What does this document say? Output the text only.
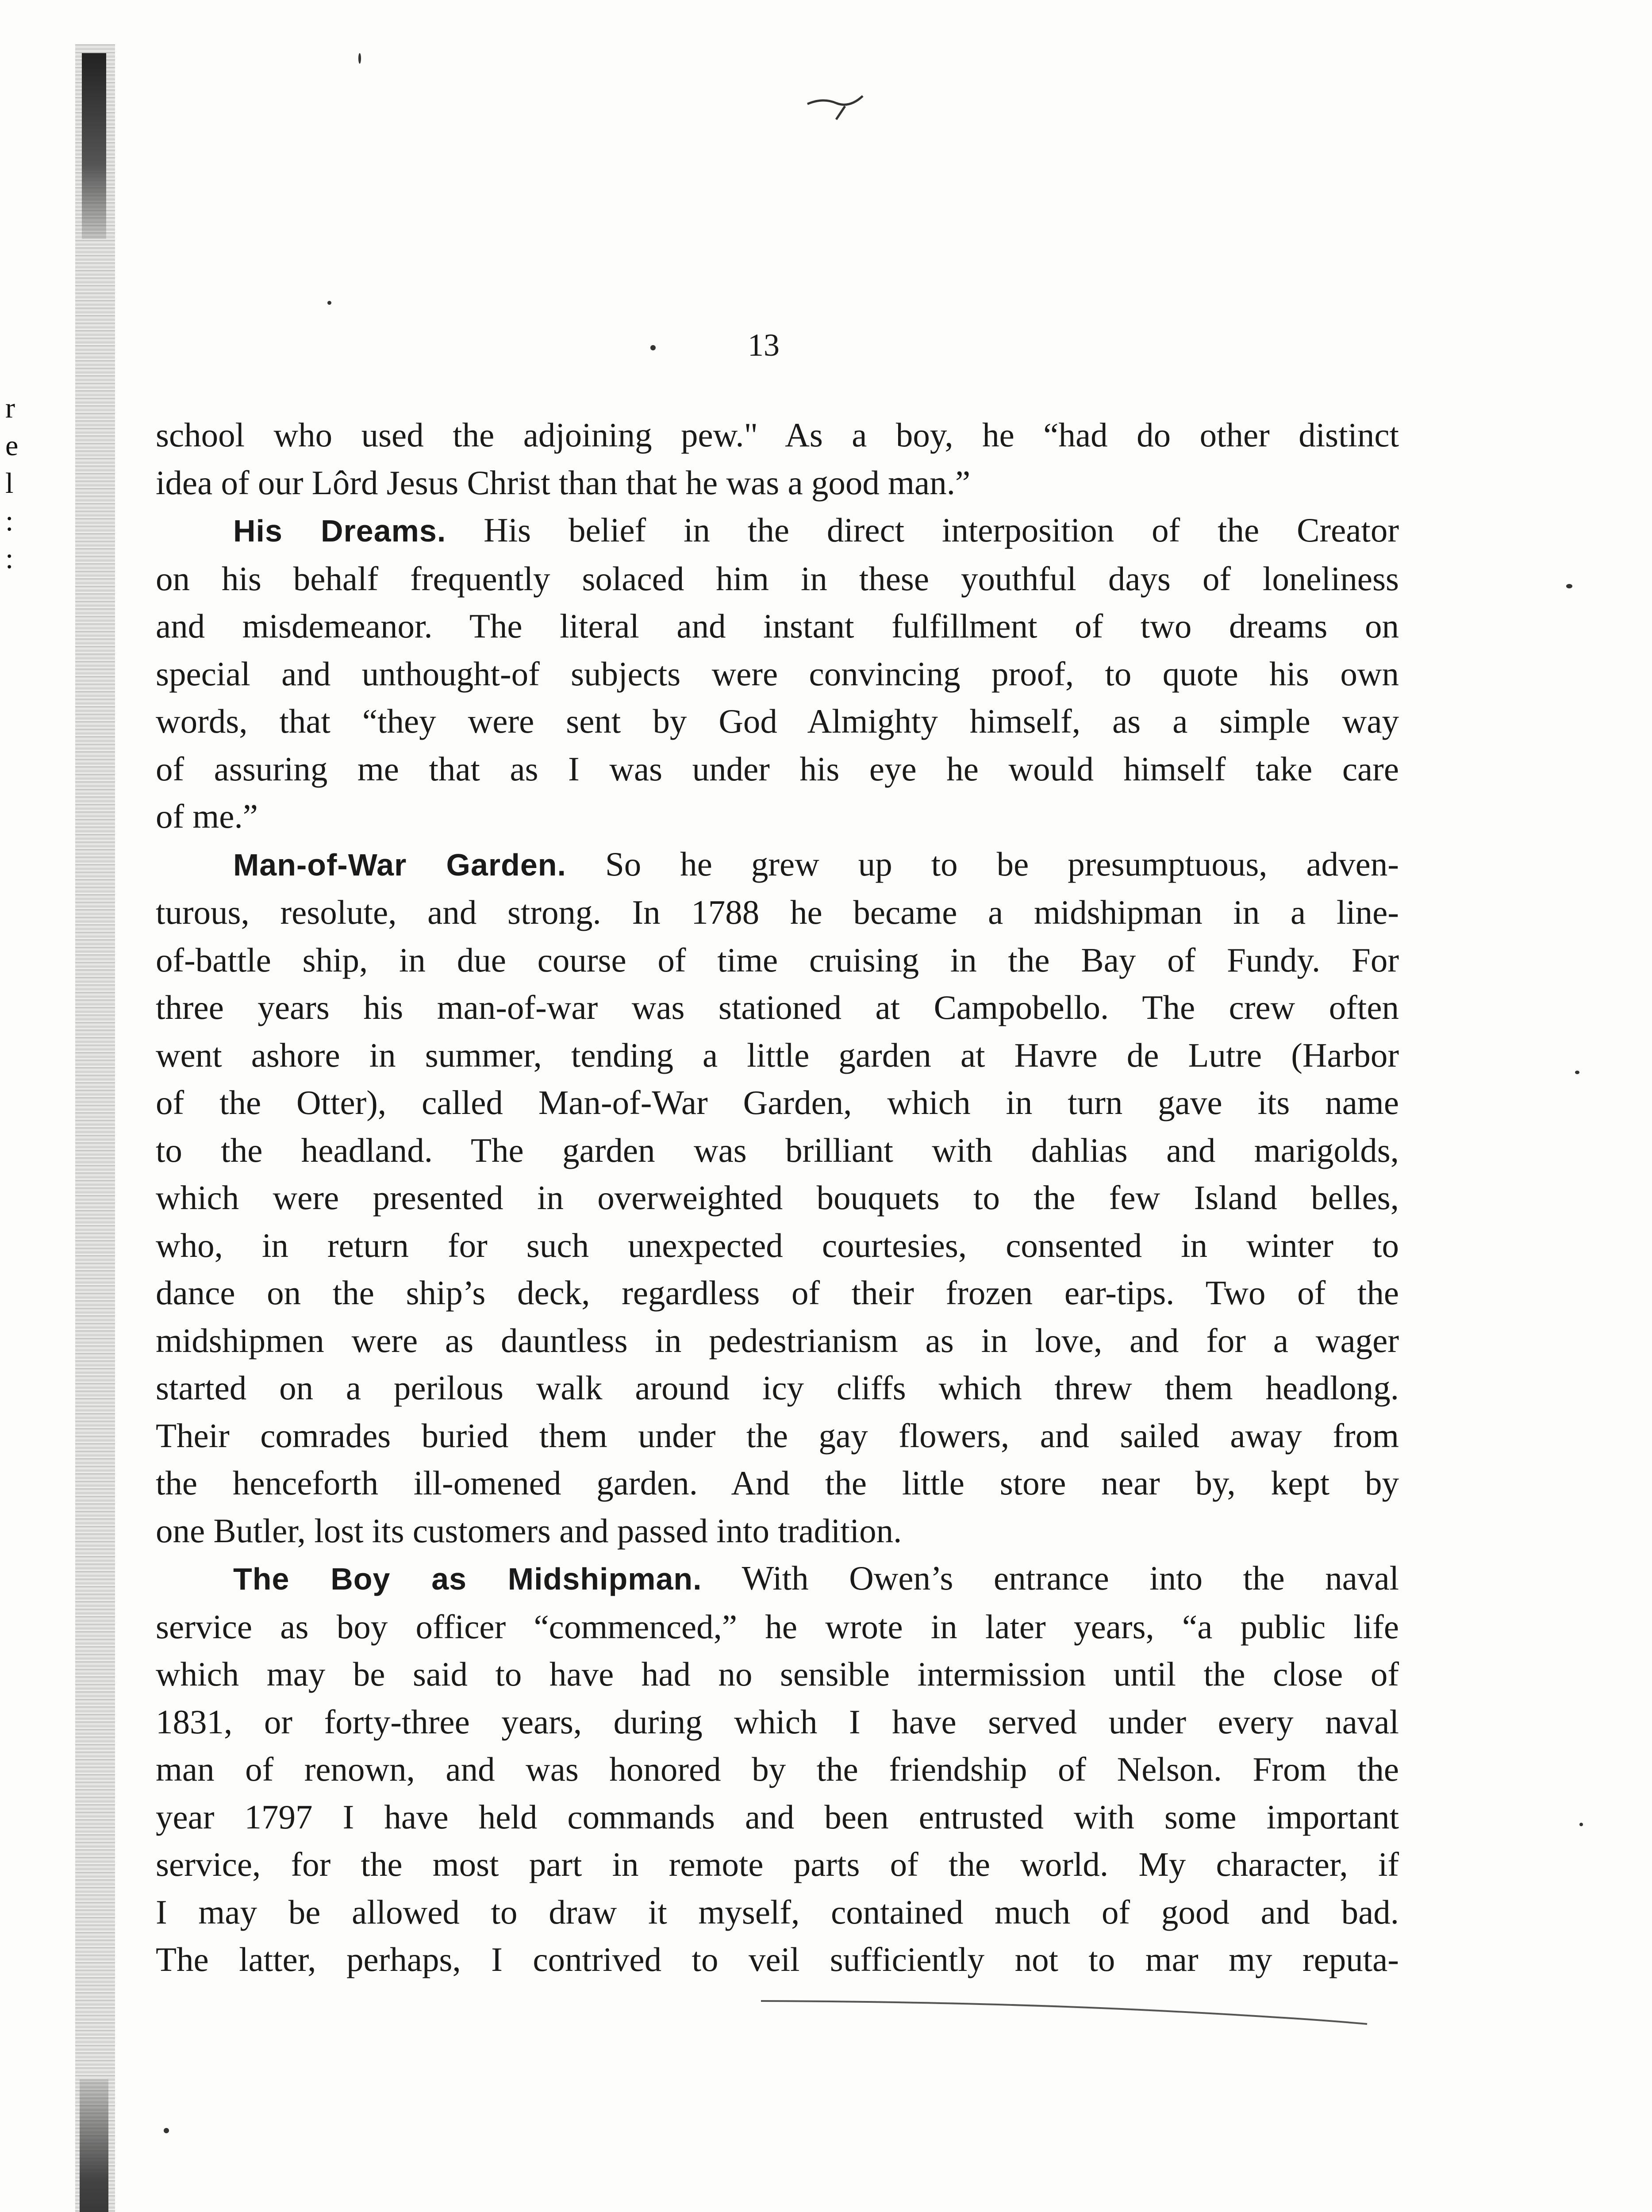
r
e
l
:
:
13

school who used the adjoining pew." As a boy, he “had do other distinct
idea of our Lôrd Jesus Christ than that he was a good man.”

His Dreams. His belief in the direct interposition of the Creator
on his behalf frequently solaced him in these youthful days of loneliness
and misdemeanor. The literal and instant fulfillment of two dreams on
special and unthought-of subjects were convincing proof, to quote his own
words, that “they were sent by God Almighty himself, as a simple way
of assuring me that as I was under his eye he would himself take care
of me.”

Man-of-War Garden. So he grew up to be presumptuous, adven-
turous, resolute, and strong. In 1788 he became a midshipman in a line-
of-battle ship, in due course of time cruising in the Bay of Fundy. For
three years his man-of-war was stationed at Campobello. The crew often
went ashore in summer, tending a little garden at Havre de Lutre (Harbor
of the Otter), called Man-of-War Garden, which in turn gave its name
to the headland. The garden was brilliant with dahlias and marigolds,
which were presented in overweighted bouquets to the few Island belles,
who, in return for such unexpected courtesies, consented in winter to
dance on the ship’s deck, regardless of their frozen ear-tips. Two of the
midshipmen were as dauntless in pedestrianism as in love, and for a wager
started on a perilous walk around icy cliffs which threw them headlong.
Their comrades buried them under the gay flowers, and sailed away from
the henceforth ill-omened garden. And the little store near by, kept by
one Butler, lost its customers and passed into tradition.

The Boy as Midshipman. With Owen’s entrance into the naval
service as boy officer “commenced,” he wrote in later years, “a public life
which may be said to have had no sensible intermission until the close of
1831, or forty-three years, during which I have served under every naval
man of renown, and was honored by the friendship of Nelson. From the
year 1797 I have held commands and been entrusted with some important
service, for the most part in remote parts of the world. My character, if
I may be allowed to draw it myself, contained much of good and bad.
The latter, perhaps, I contrived to veil sufficiently not to mar my reputa-
